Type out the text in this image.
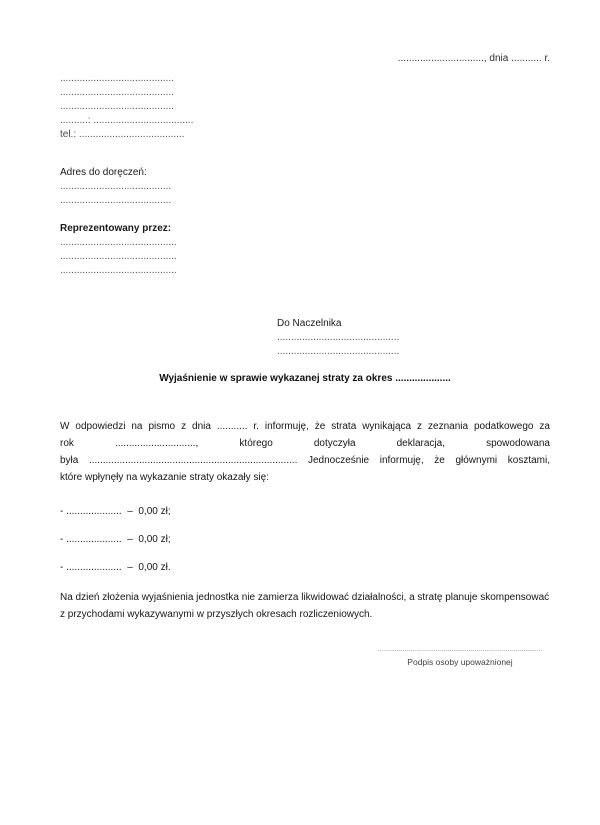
..............................., dnia ........... r.
.........................................
.........................................
.........................................
..........: ....................................
tel.: ......................................
Adres do doręczeń:
........................................
........................................
Reprezentowany przez:
..........................................
..........................................
..........................................
Do Naczelnika
............................................
............................................
Wyjaśnienie w sprawie wykazanej straty za okres ....................
W odpowiedzi na pismo z dnia ........... r. informuję, że strata wynikająca z zeznania podatkowego za
rok ............................., którego dotyczyła deklaracja, spowodowana
była ........................................................................... Jednocześnie informuję, że głównymi kosztami,
które wpłynęły na wykazanie straty okazały się:
- ....................  –  0,00 zł;
- ....................  –  0,00 zł;
- ....................  –  0,00 zł.
Na dzień złożenia wyjaśnienia jednostka nie zamierza likwidować działalności, a stratę planuje skompensować
z przychodami wykazywanymi w przyszłych okresach rozliczeniowych.
.....................................................................................
Podpis osoby upoważnionej
